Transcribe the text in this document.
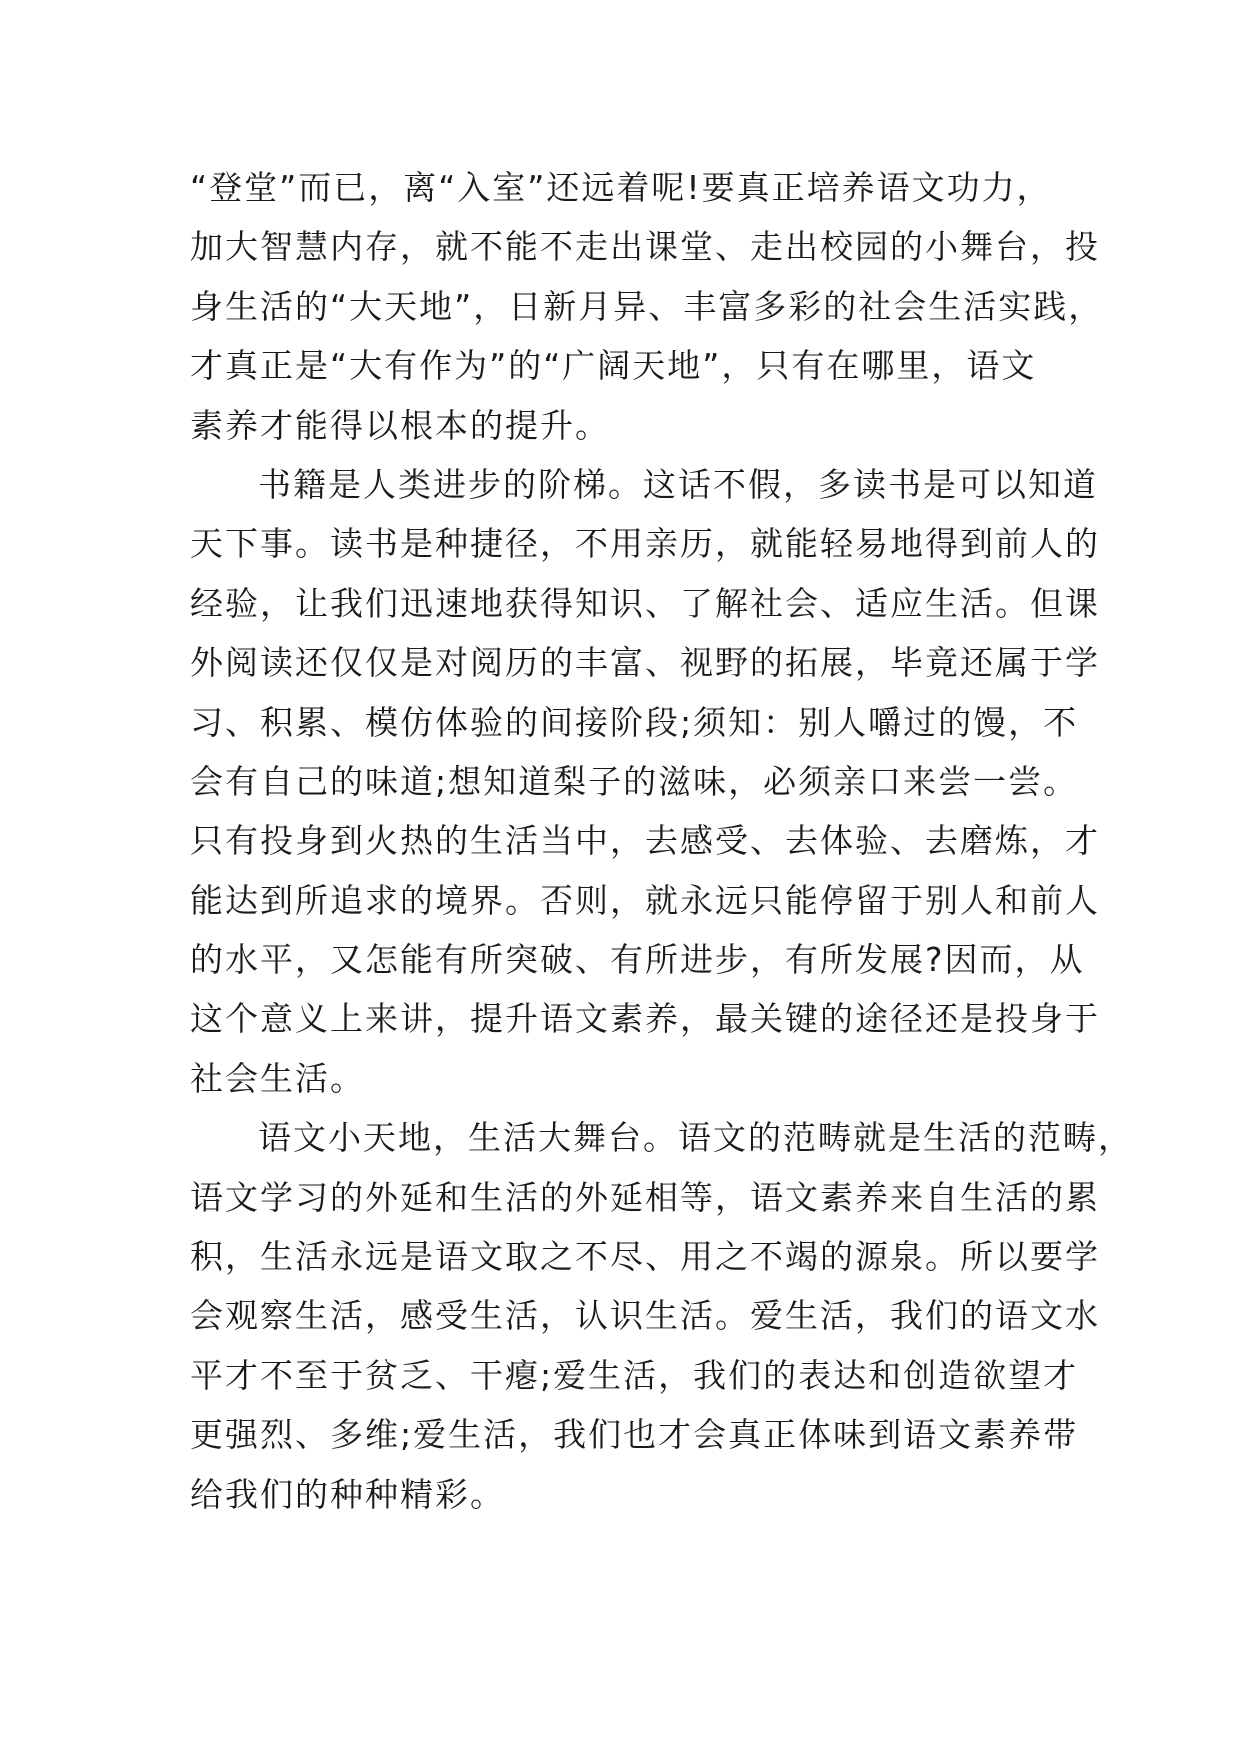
“登堂”而已，离“入室”还远着呢!要真正培养语文功力，
加大智慧内存，就不能不走出课堂、走出校园的小舞台，投
身生活的“大天地”，日新月异、丰富多彩的社会生活实践，
才真正是“大有作为”的“广阔天地”，只有在哪里，语文
素养才能得以根本的提升。
书籍是人类进步的阶梯。这话不假，多读书是可以知道
天下事。读书是种捷径，不用亲历，就能轻易地得到前人的
经验，让我们迅速地获得知识、了解社会、适应生活。但课
外阅读还仅仅是对阅历的丰富、视野的拓展，毕竟还属于学
习、积累、模仿体验的间接阶段;须知：别人嚼过的馒，不
会有自己的味道;想知道梨子的滋味，必须亲口来尝一尝。
只有投身到火热的生活当中，去感受、去体验、去磨炼，才
能达到所追求的境界。否则，就永远只能停留于别人和前人
的水平，又怎能有所突破、有所进步，有所发展?因而，从
这个意义上来讲，提升语文素养，最关键的途径还是投身于
社会生活。
语文小天地，生活大舞台。语文的范畴就是生活的范畴，
语文学习的外延和生活的外延相等，语文素养来自生活的累
积，生活永远是语文取之不尽、用之不竭的源泉。所以要学
会观察生活，感受生活，认识生活。爱生活，我们的语文水
平才不至于贫乏、干瘪;爱生活，我们的表达和创造欲望才
更强烈、多维;爱生活，我们也才会真正体味到语文素养带
给我们的种种精彩。
